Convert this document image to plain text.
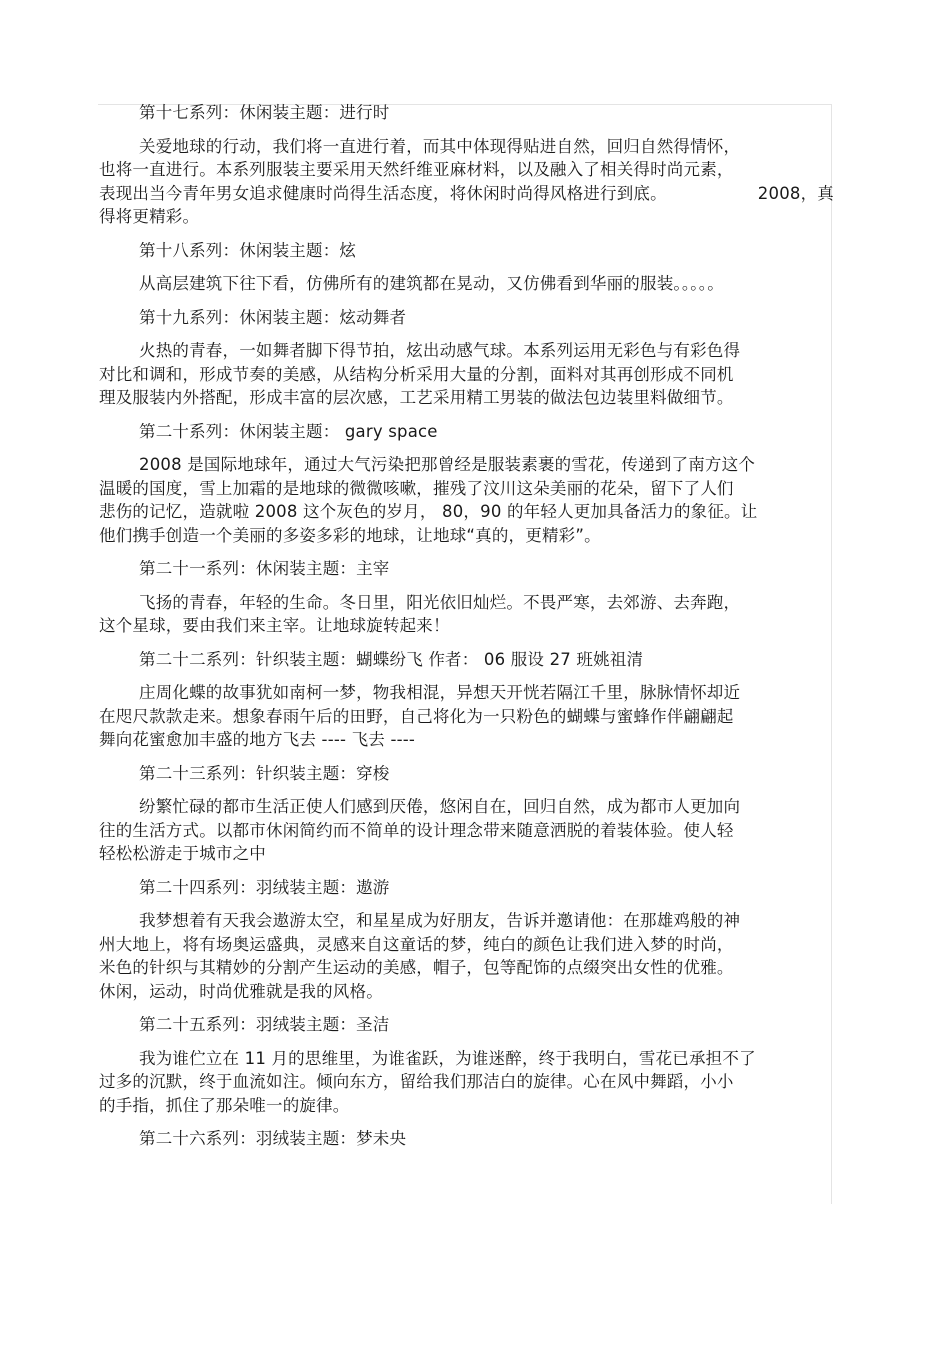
第十七系列：休闲装主题：进行时
关爱地球的行动，我们将一直进行着，而其中体现得贴进自然，回归自然得情怀，
也将一直进行。本系列服装主要采用天然纤维亚麻材料，以及融入了相关得时尚元素，
表现出当今青年男女追求健康时尚得生活态度，将休闲时尚得风格进行到底。	2008，真
得将更精彩。
第十八系列：休闲装主题：炫
从高层建筑下往下看，仿佛所有的建筑都在晃动，又仿佛看到华丽的服装。。。。。
第十九系列：休闲装主题：炫动舞者
火热的青春，一如舞者脚下得节拍，炫出动感气球。本系列运用无彩色与有彩色得
对比和调和，形成节奏的美感，从结构分析采用大量的分割，面料对其再创形成不同机
理及服装内外搭配，形成丰富的层次感，工艺采用精工男装的做法包边装里料做细节。
第二十系列：休闲装主题： gary space
2008 是国际地球年，通过大气污染把那曾经是服装素裹的雪花，传递到了南方这个
温暖的国度，雪上加霜的是地球的微微咳嗽，摧残了汶川这朵美丽的花朵，留下了人们
悲伤的记忆，造就啦 2008 这个灰色的岁月， 80，90 的年轻人更加具备活力的象征。让
他们携手创造一个美丽的多姿多彩的地球，让地球“真的，更精彩”。
第二十一系列：休闲装主题：主宰
飞扬的青春，年轻的生命。冬日里，阳光依旧灿烂。不畏严寒，去郊游、去奔跑，
这个星球，要由我们来主宰。让地球旋转起来！
第二十二系列：针织装主题：蝴蝶纷飞 作者： 06 服设 27 班姚祖清
庄周化蝶的故事犹如南柯一梦，物我相混，异想天开恍若隔江千里，脉脉情怀却近
在咫尺款款走来。想象春雨午后的田野，自己将化为一只粉色的蝴蝶与蜜蜂作伴翩翩起
舞向花蜜愈加丰盛的地方飞去 ---- 飞去 ----
第二十三系列：针织装主题：穿梭
纷繁忙碌的都市生活正使人们感到厌倦，悠闲自在，回归自然，成为都市人更加向
往的生活方式。以都市休闲简约而不简单的设计理念带来随意洒脱的着装体验。使人轻
轻松松游走于城市之中
第二十四系列：羽绒装主题：遨游
我梦想着有天我会遨游太空，和星星成为好朋友，告诉并邀请他：在那雄鸡般的神
州大地上，将有场奥运盛典，灵感来自这童话的梦，纯白的颜色让我们进入梦的时尚，
米色的针织与其精妙的分割产生运动的美感，帽子，包等配饰的点缀突出女性的优雅。
休闲，运动，时尚优雅就是我的风格。
第二十五系列：羽绒装主题：圣洁
我为谁伫立在 11 月的思维里，为谁雀跃，为谁迷醉，终于我明白，雪花已承担不了
过多的沉默，终于血流如注。倾向东方，留给我们那洁白的旋律。心在风中舞蹈，小小
的手指，抓住了那朵唯一的旋律。
第二十六系列：羽绒装主题：梦未央
